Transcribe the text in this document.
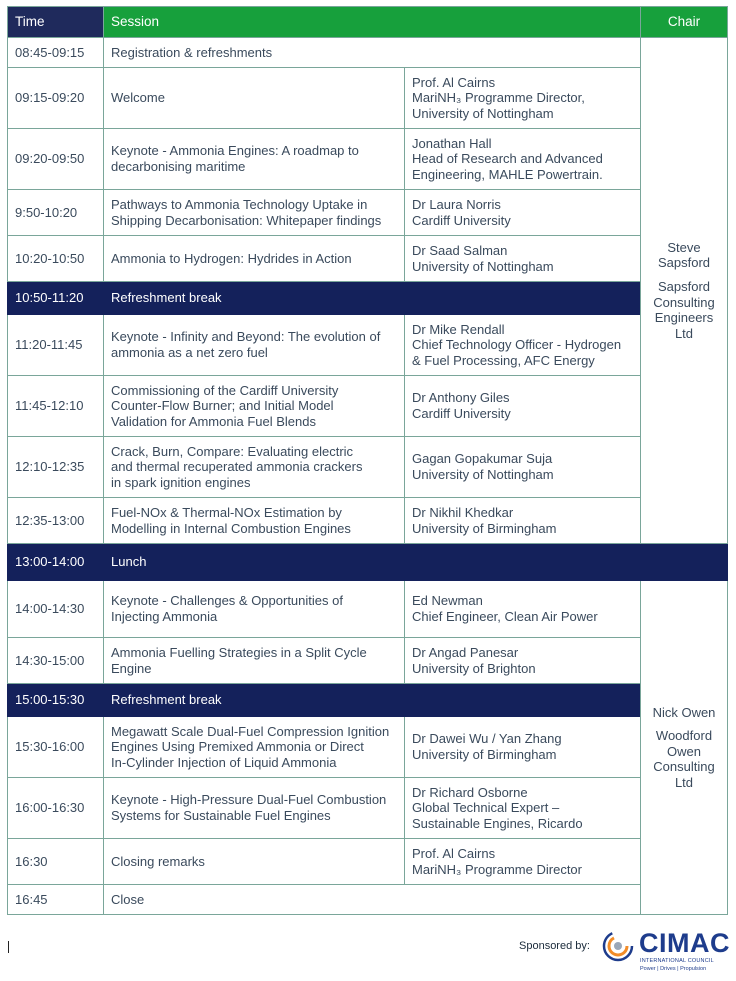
Time	Session		Chair
08:45-09:15	Registration & refreshments		Steve Sapsford
Sapsford Consulting Engineers Ltd

09:15-09:20	Welcome	Prof. Al Cairns
MariNH₃ Programme Director,
University of Nottingham	

09:20-09:50	Keynote - Ammonia Engines: A roadmap to
decarbonising maritime	Jonathan Hall
Head of Research and Advanced
Engineering, MAHLE Powertrain.	

9:50-10:20	Pathways to Ammonia Technology Uptake in
Shipping Decarbonisation: Whitepaper findings	Dr Laura Norris
Cardiff University	

10:20-10:50	Ammonia to Hydrogen: Hydrides in Action	Dr Saad Salman
University of Nottingham	

10:50-11:20	Refreshment break		

11:20-11:45	Keynote - Infinity and Beyond: The evolution of
ammonia as a net zero fuel	Dr Mike Rendall
Chief Technology Officer - Hydrogen
& Fuel Processing, AFC Energy	

11:45-12:10	Commissioning of the Cardiff University
Counter-Flow Burner; and Initial Model
Validation for Ammonia Fuel Blends	Dr Anthony Giles
Cardiff University	

12:10-12:35	Crack, Burn, Compare: Evaluating electric
and thermal recuperated ammonia crackers
in spark ignition engines	Gagan Gopakumar Suja
University of Nottingham	

12:35-13:00	Fuel-NOx & Thermal-NOx Estimation by
Modelling in Internal Combustion Engines	Dr Nikhil Khedkar
University of Birmingham	

13:00-14:00	Lunch		

14:00-14:30	Keynote - Challenges & Opportunities of
Injecting Ammonia	Ed Newman
Chief Engineer, Clean Air Power	Nick Owen
Woodford Owen Consulting Ltd

14:30-15:00	Ammonia Fuelling Strategies in a Split Cycle
Engine	Dr Angad Panesar
University of Brighton	

15:00-15:30	Refreshment break		

15:30-16:00	Megawatt Scale Dual-Fuel Compression Ignition
Engines Using Premixed Ammonia or Direct
In-Cylinder Injection of Liquid Ammonia	Dr Dawei Wu / Yan Zhang
University of Birmingham	

16:00-16:30	Keynote - High-Pressure Dual-Fuel Combustion
Systems for Sustainable Fuel Engines	Dr Richard Osborne
Global Technical Expert –
Sustainable Engines, Ricardo	

16:30	Closing remarks	Prof. Al Cairns
MariNH₃ Programme Director	

16:45	Close		
Sponsored by: CIMAC
INTERNATIONAL COUNCIL
Power | Drives | Propulsion
